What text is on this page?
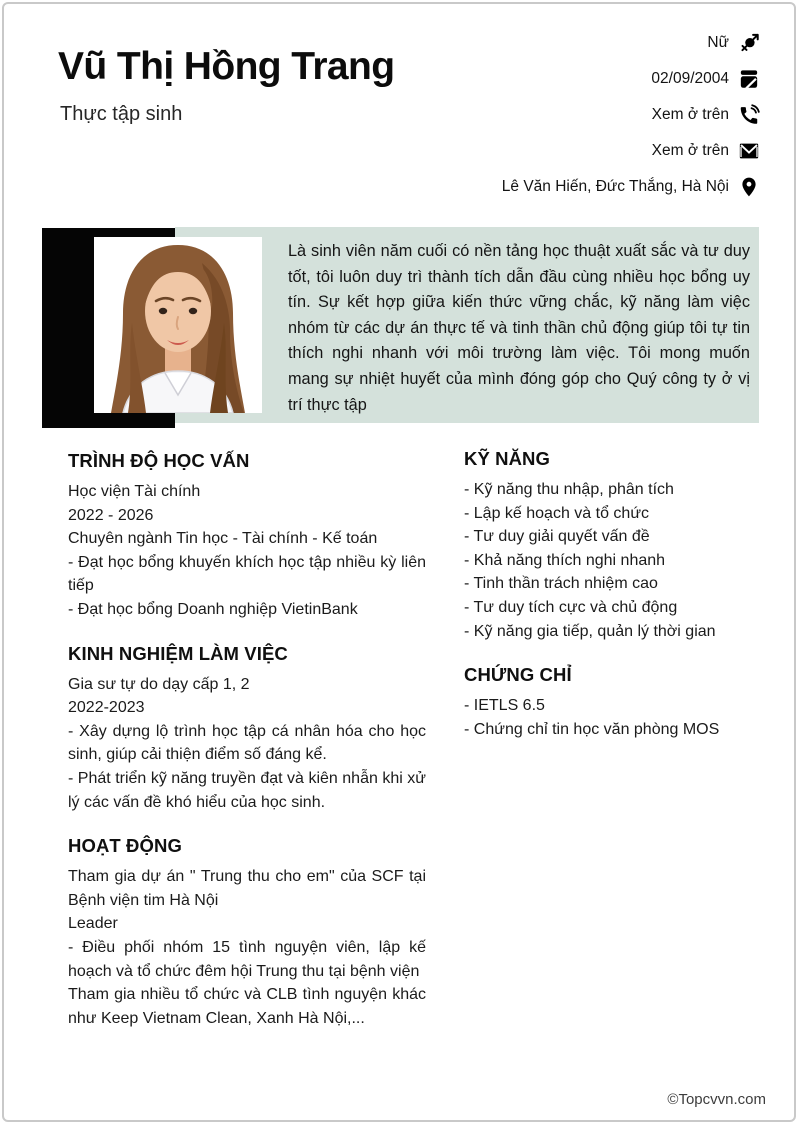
Vũ Thị Hồng Trang

Thực tập sinh

Nữ
02/09/2004
Xem ở trên
Xem ở trên
Lê Văn Hiến, Đức Thắng, Hà Nội

Là sinh viên năm cuối có nền tảng học thuật xuất sắc và tư duy tốt, tôi luôn duy trì thành tích dẫn đầu cùng nhiều học bổng uy tín. Sự kết hợp giữa kiến thức vững chắc, kỹ năng làm việc nhóm từ các dự án thực tế và tinh thần chủ động giúp tôi tự tin thích nghi nhanh với môi trường làm việc. Tôi mong muốn mang sự nhiệt huyết của mình đóng góp cho Quý công ty ở vị trí thực tập

TRÌNH ĐỘ HỌC VẤN
Học viện Tài chính
2022 - 2026
Chuyên ngành Tin học - Tài chính - Kế toán
- Đạt học bổng khuyến khích học tập nhiều kỳ liên tiếp
- Đạt học bổng Doanh nghiệp VietinBank
KINH NGHIỆM LÀM VIỆC
Gia sư tự do dạy cấp 1, 2
2022-2023
- Xây dựng lộ trình học tập cá nhân hóa cho học sinh, giúp cải thiện điểm số đáng kể.
- Phát triển kỹ năng truyền đạt và kiên nhẫn khi xử lý các vấn đề khó hiểu của học sinh.
HOẠT ĐỘNG
Tham gia dự án " Trung thu cho em" của SCF tại Bệnh viện tim Hà Nội
Leader
- Điều phối nhóm 15 tình nguyện viên, lập kế hoạch và tổ chức đêm hội Trung thu tại bệnh viện
Tham gia nhiều tổ chức và CLB tình nguyện khác như Keep Vietnam Clean, Xanh Hà Nội,...
KỸ NĂNG
- Kỹ năng thu nhập, phân tích
- Lập kế hoạch và tổ chức
- Tư duy giải quyết vấn đề
- Khả năng thích nghi nhanh
- Tinh thần trách nhiệm cao
- Tư duy tích cực và chủ động
- Kỹ năng gia tiếp, quản lý thời gian
CHỨNG CHỈ
- IETLS 6.5
- Chứng chỉ tin học văn phòng MOS
©Topcvvn.com
